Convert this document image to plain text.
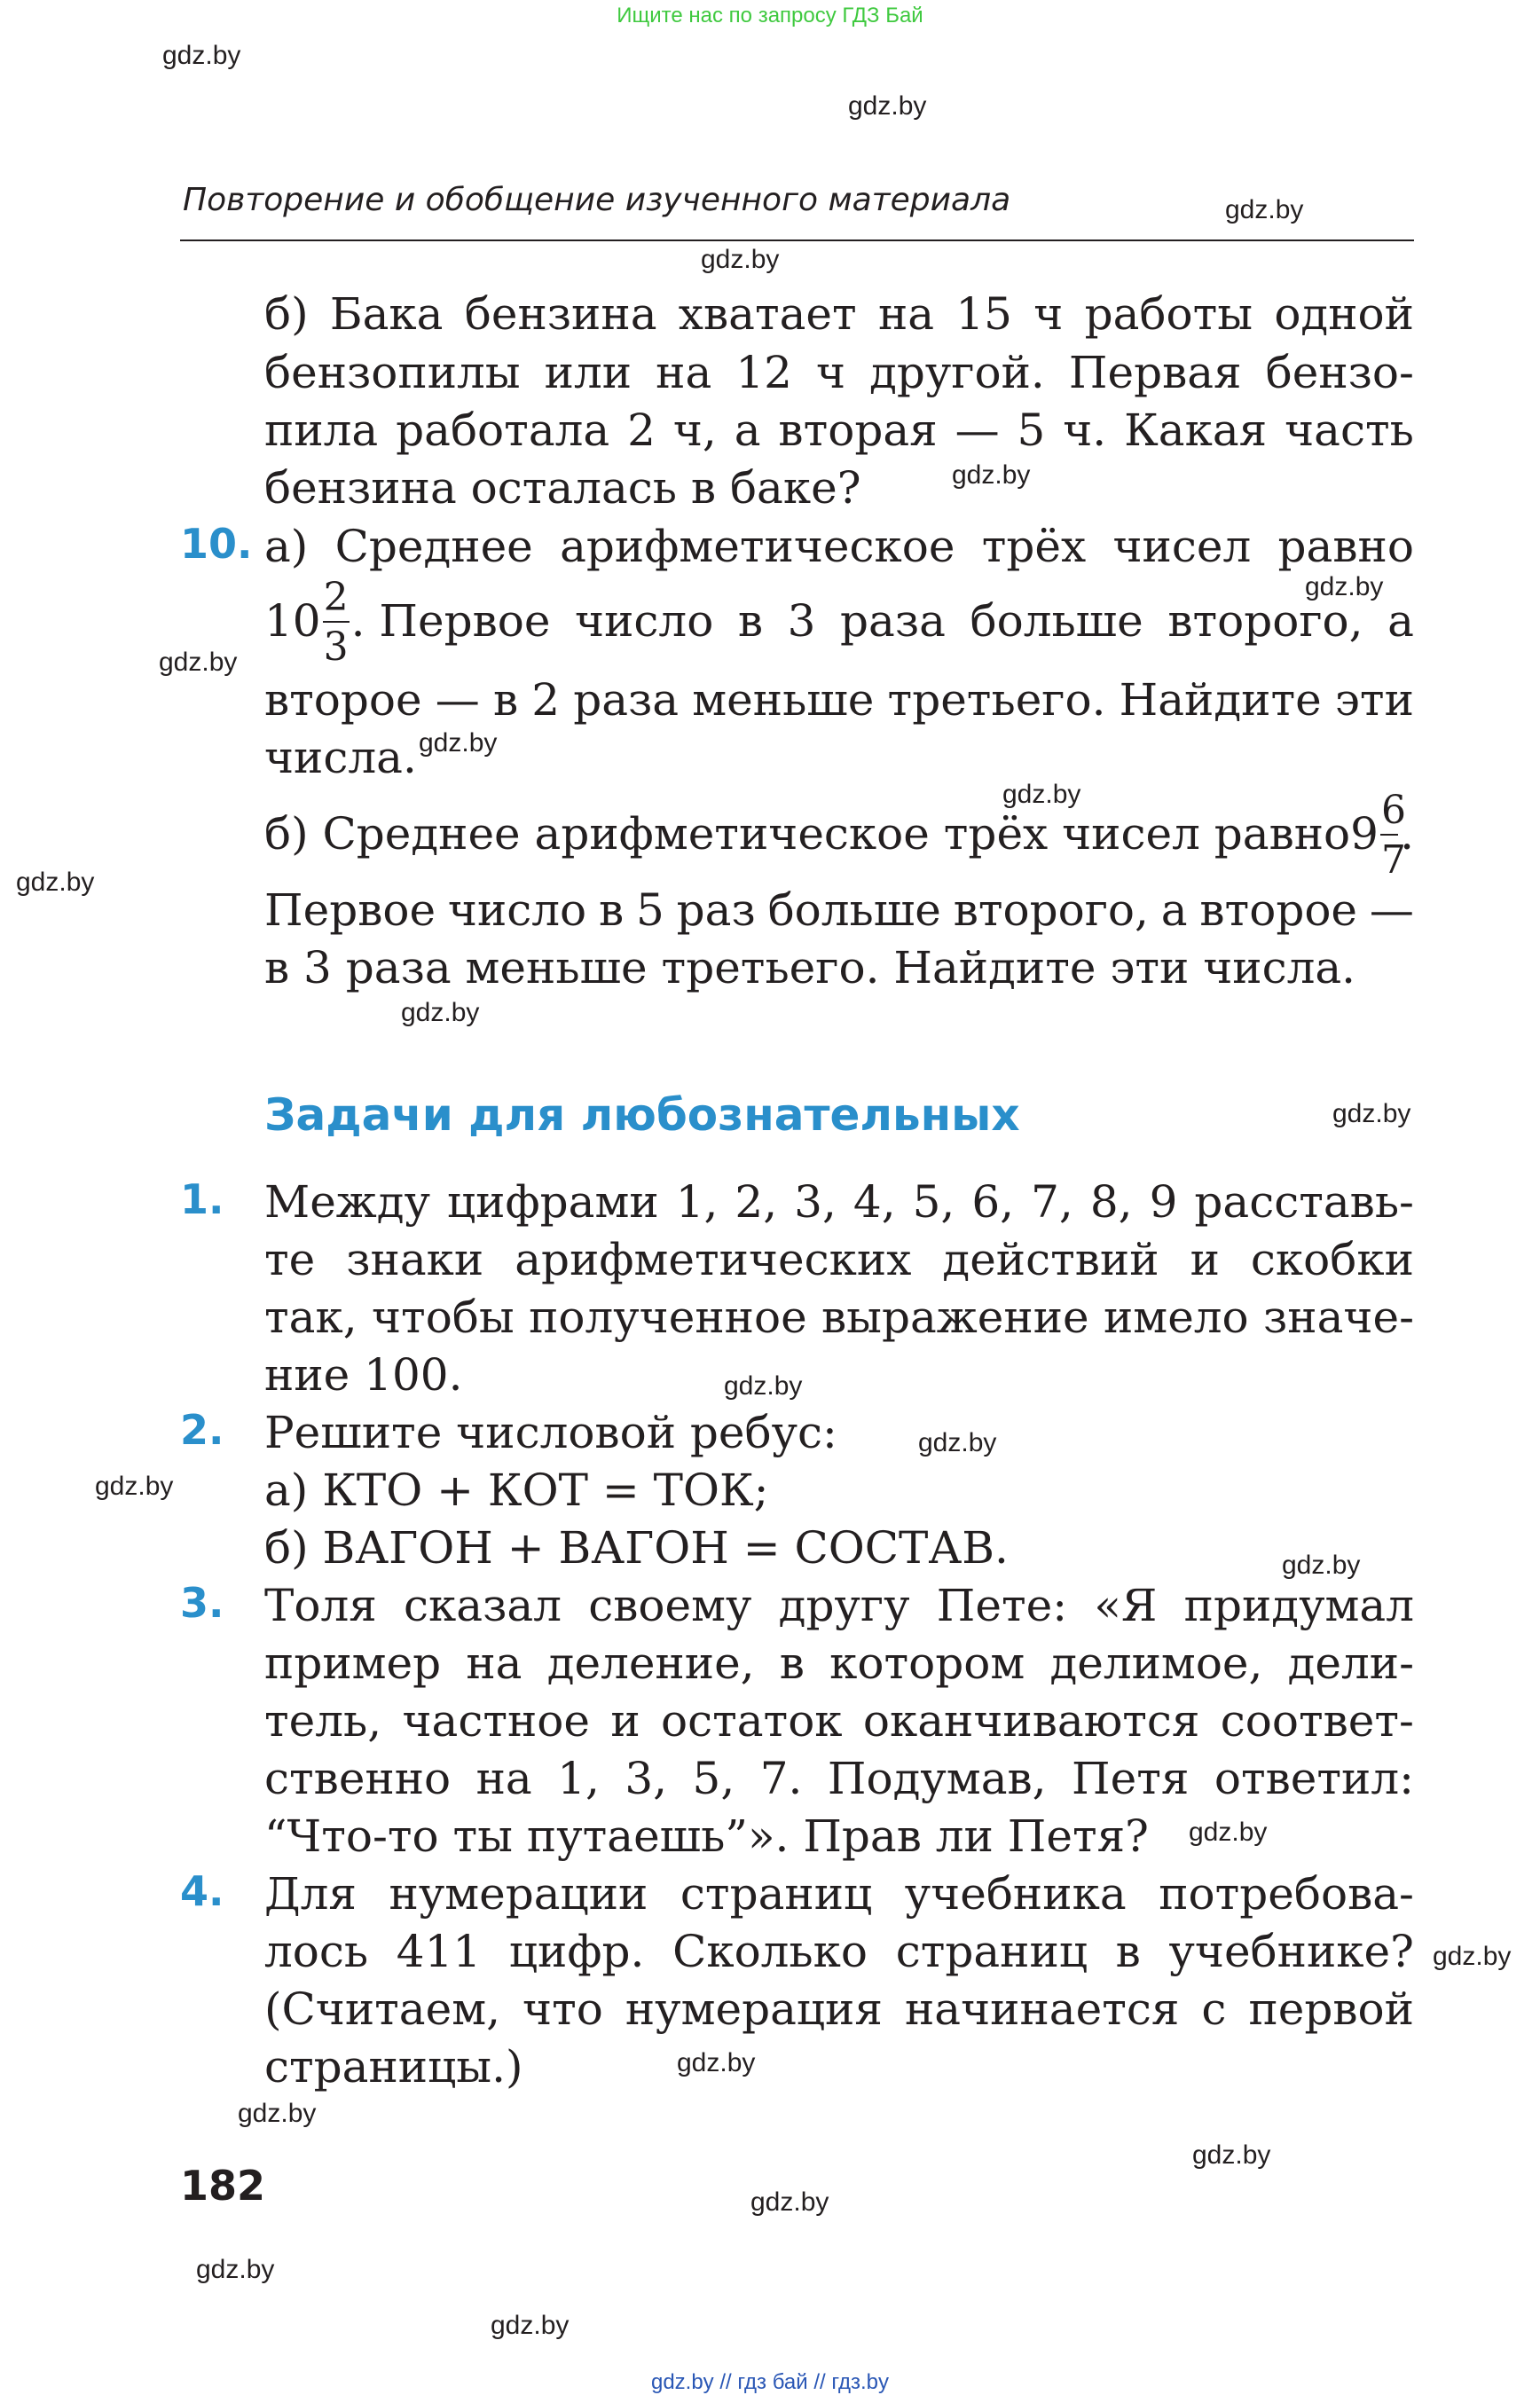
Ищите нас по запросу ГДЗ Бай
gdz.by
gdz.by
gdz.by
gdz.by
gdz.by
gdz.by
gdz.by
gdz.by
gdz.by
gdz.by
gdz.by
gdz.by
gdz.by
gdz.by
gdz.by
gdz.by
gdz.by
gdz.by
gdz.by
gdz.by
gdz.by
gdz.by
gdz.by
gdz.by
Повторение и обобщение изученного материала
б) Бака бензина хватает на 15 ч работы одной
бензопилы или на 12 ч другой. Первая бензо-
пила работала 2 ч, а вторая — 5 ч. Какая часть
бензина осталась в баке?
10. а) Среднее арифметическое трёх чисел равно
$10 \frac{2}{3}$ . Первое число в 3 раза больше второго, а
второе — в 2 раза меньше третьего. Найдите эти
числа.
б) Среднее арифметическое трёх чисел равно $9 \frac{6}{7}$ .
Первое число в 5 раз больше второго, а второе —
в 3 раза меньше третьего. Найдите эти числа.
Задачи для любознательных
1. Между цифрами 1, 2, 3, 4, 5, 6, 7, 8, 9 расставь-
те знаки арифметических действий и скобки
так, чтобы полученное выражение имело значе-
ние 100.
2. Решите числовой ребус:
а) КТО + КОТ = ТОК;
б) ВАГОН + ВАГОН = СОСТАВ.
3. Толя сказал своему другу Пете: «Я придумал
пример на деление, в котором делимое, дели-
тель, частное и остаток оканчиваются соответ-
ственно на 1, 3, 5, 7. Подумав, Петя ответил:
“Что-то ты путаешь”». Прав ли Петя?
4. Для нумерации страниц учебника потребова-
лось 411 цифр. Сколько страниц в учебнике?
(Считаем, что нумерация начинается с первой
страницы.)
182
gdz.by // гдз бай // гдз.by
